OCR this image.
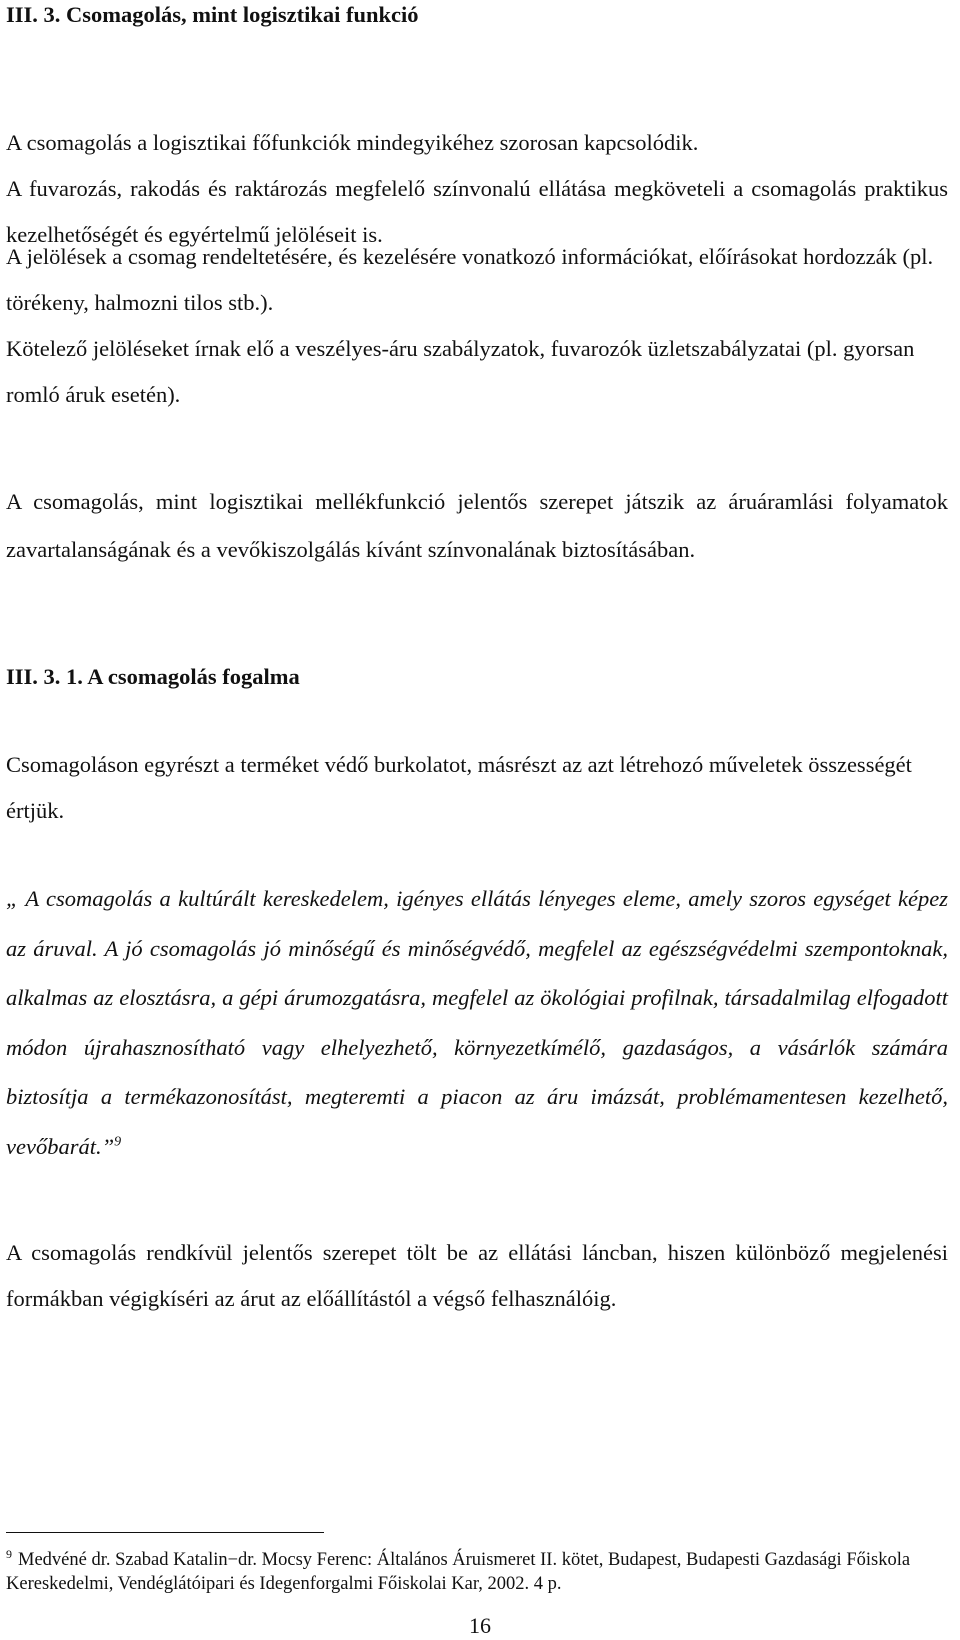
III. 3. Csomagolás, mint logisztikai funkció

A csomagolás a logisztikai főfunkciók mindegyikéhez szorosan kapcsolódik.

A fuvarozás, rakodás és raktározás megfelelő színvonalú ellátása megköveteli a csomagolás praktikus kezelhetőségét és egyértelmű jelöléseit is.

A jelölések a csomag rendeltetésére, és kezelésére vonatkozó információkat, előírásokat hordozzák (pl. törékeny, halmozni tilos stb.).

Kötelező jelöléseket írnak elő a veszélyes-áru szabályzatok, fuvarozók üzletszabályzatai (pl. gyorsan romló áruk esetén).

A csomagolás, mint logisztikai mellékfunkció jelentős szerepet játszik az áruáramlási folyamatok zavartalanságának és a vevőkiszolgálás kívánt színvonalának biztosításában.

III. 3. 1. A csomagolás fogalma

Csomagoláson egyrészt a terméket védő burkolatot, másrészt az azt létrehozó műveletek összességét értjük.

„ A csomagolás a kultúrált kereskedelem, igényes ellátás lényeges eleme, amely szoros egységet képez az áruval. A jó csomagolás jó minőségű és minőségvédő, megfelel az egészségvédelmi szempontoknak, alkalmas az elosztásra, a gépi árumozgatásra, megfelel az ökológiai profilnak, társadalmilag elfogadott módon újrahasznosítható vagy elhelyezhető, környezetkímélő, gazdaságos, a vásárlók számára biztosítja a termékazonosítást, megteremti a piacon az áru imázsát, problémamentesen kezelhető, vevőbarát.”$^9$

A csomagolás rendkívül jelentős szerepet tölt be az ellátási láncban, hiszen különböző megjelenési formákban végigkíséri az árut az előállítástól a végső felhasználóig.

$^9$ Medvéné dr. Szabad Katalin−dr. Mocsy Ferenc: Általános Áruismeret II. kötet, Budapest, Budapesti Gazdasági Főiskola Kereskedelmi, Vendéglátóipari és Idegenforgalmi Főiskolai Kar, 2002. 4 p.

16
